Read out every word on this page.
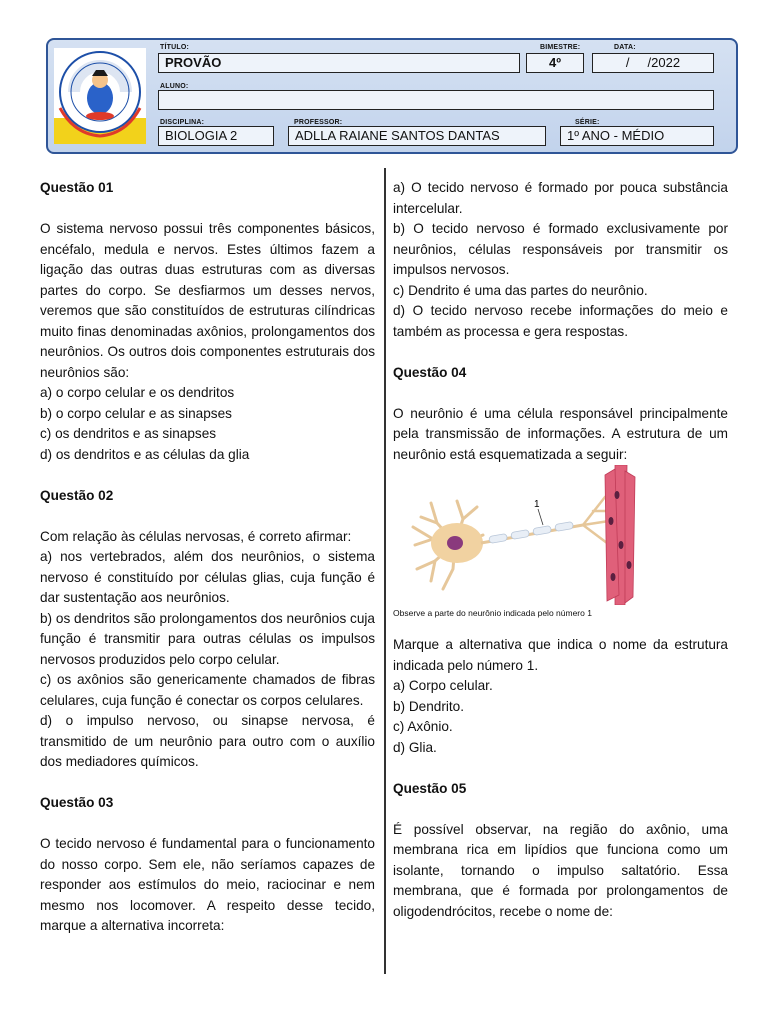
TÍTULO:
PROVÃO
BIMESTRE:
4º
DATA:
/     /2022
ALUNO:
DISCIPLINA:
BIOLOGIA 2
PROFESSOR:
ADLLA RAIANE SANTOS DANTAS
SÉRIE:
1º ANO - MÉDIO

Questão 01

O sistema nervoso possui três componentes básicos, encéfalo, medula e nervos. Estes últimos fazem a ligação das outras duas estruturas com as diversas partes do corpo. Se desfiarmos um desses nervos, veremos que são constituídos de estruturas cilíndricas muito finas denominadas axônios, prolongamentos dos neurônios. Os outros dois componentes estruturais dos neurônios são:

a) o corpo celular e os dendritos

b) o corpo celular e as sinapses

c) os dendritos e as sinapses

d) os dendritos e as células da glia

Questão 02

Com relação às células nervosas, é correto afirmar:

a) nos vertebrados, além dos neurônios, o sistema nervoso é constituído por células glias, cuja função é dar sustentação aos neurônios.

b) os dendritos são prolongamentos dos neurônios cuja função é transmitir para outras células os impulsos nervosos produzidos pelo corpo celular.

c) os axônios são genericamente chamados de fibras celulares, cuja função é conectar os corpos celulares.

d) o impulso nervoso, ou sinapse nervosa, é transmitido de um neurônio para outro com o auxílio dos mediadores químicos.

Questão 03

O tecido nervoso é fundamental para o funcionamento do nosso corpo. Sem ele, não seríamos capazes de responder aos estímulos do meio, raciocinar e nem mesmo nos locomover. A respeito desse tecido, marque a alternativa incorreta:

a) O tecido nervoso é formado por pouca substância intercelular.

b) O tecido nervoso é formado exclusivamente por neurônios, células responsáveis por transmitir os impulsos nervosos.

c) Dendrito é uma das partes do neurônio.

d) O tecido nervoso recebe informações do meio e também as processa e gera respostas.

Questão 04

O neurônio é uma célula responsável principalmente pela transmissão de informações. A estrutura de um neurônio está esquematizada a seguir:

1

Observe a parte do neurônio indicada pelo número 1

Marque a alternativa que indica o nome da estrutura indicada pelo número 1.

a) Corpo celular.

b) Dendrito.

c) Axônio.

d) Glia.

Questão 05

É possível observar, na região do axônio, uma membrana rica em lipídios que funciona como um isolante, tornando o impulso saltatório. Essa membrana, que é formada por prolongamentos de oligodendrócitos, recebe o nome de:
